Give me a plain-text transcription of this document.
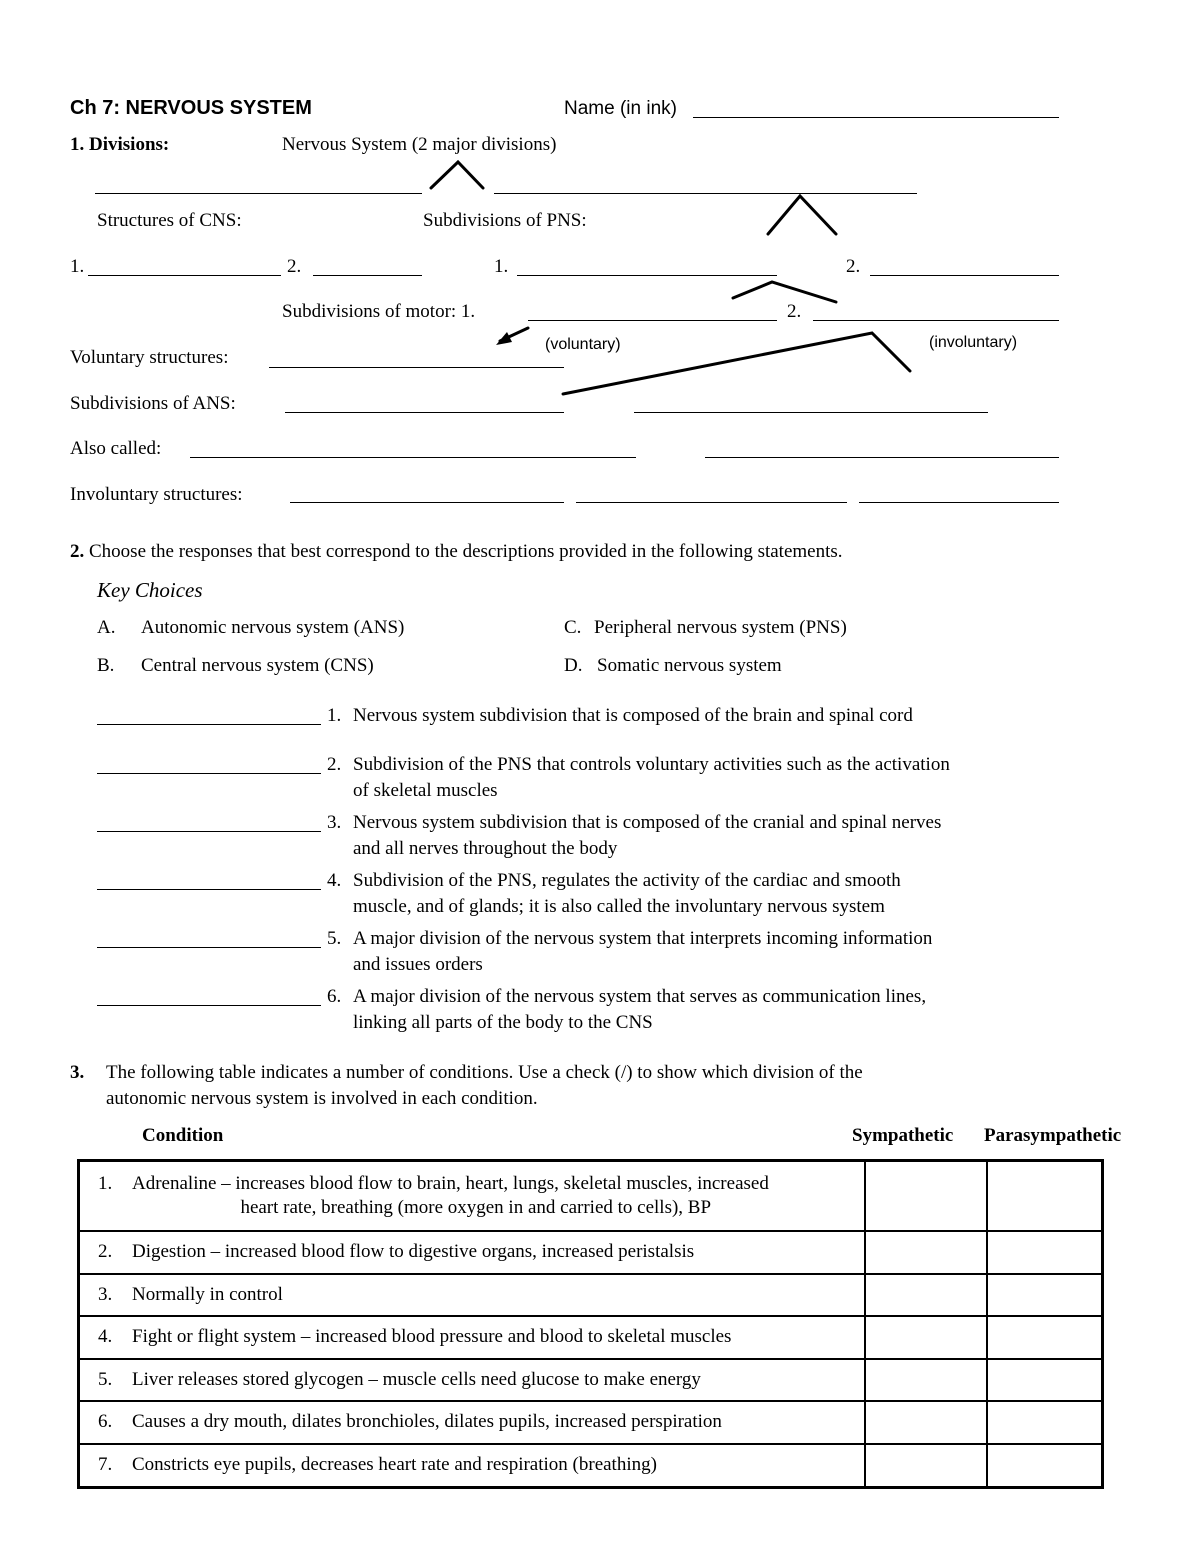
Ch 7: NERVOUS SYSTEM	Name (in ink)
1. Divisions:	Nervous System (2 major divisions)
Structures of CNS:	Subdivisions of PNS:
1.	2.	1.	2.
Subdivisions of motor: 1.	2.
(voluntary)	(involuntary)
Voluntary structures:
Subdivisions of ANS:
Also called:
Involuntary structures:
2. Choose the responses that best correspond to the descriptions provided in the following statements.
Key Choices
A. Autonomic nervous system (ANS)
B. Central nervous system (CNS)
C. Peripheral nervous system (PNS)
D. Somatic nervous system
1. Nervous system subdivision that is composed of the brain and spinal cord
2. Subdivision of the PNS that controls voluntary activities such as the activation
of skeletal muscles
3. Nervous system subdivision that is composed of the cranial and spinal nerves
and all nerves throughout the body
4. Subdivision of the PNS, regulates the activity of the cardiac and smooth
muscle, and of glands; it is also called the involuntary nervous system
5. A major division of the nervous system that interprets incoming information
and issues orders
6. A major division of the nervous system that serves as communication lines,
linking all parts of the body to the CNS
3. The following table indicates a number of conditions. Use a check (/) to show which division of the
autonomic nervous system is involved in each condition.
Condition	Sympathetic Parasympathetic
1. Adrenaline – increases blood flow to brain, heart, lungs, skeletal muscles, increased
heart rate, breathing (more oxygen in and carried to cells), BP		

2. Digestion – increased blood flow to digestive organs, increased peristalsis		
3. Normally in control		
4. Fight or flight system – increased blood pressure and blood to skeletal muscles		
5. Liver releases stored glycogen – muscle cells need glucose to make energy		
6. Causes a dry mouth, dilates bronchioles, dilates pupils, increased perspiration		
7. Constricts eye pupils, decreases heart rate and respiration (breathing)		
